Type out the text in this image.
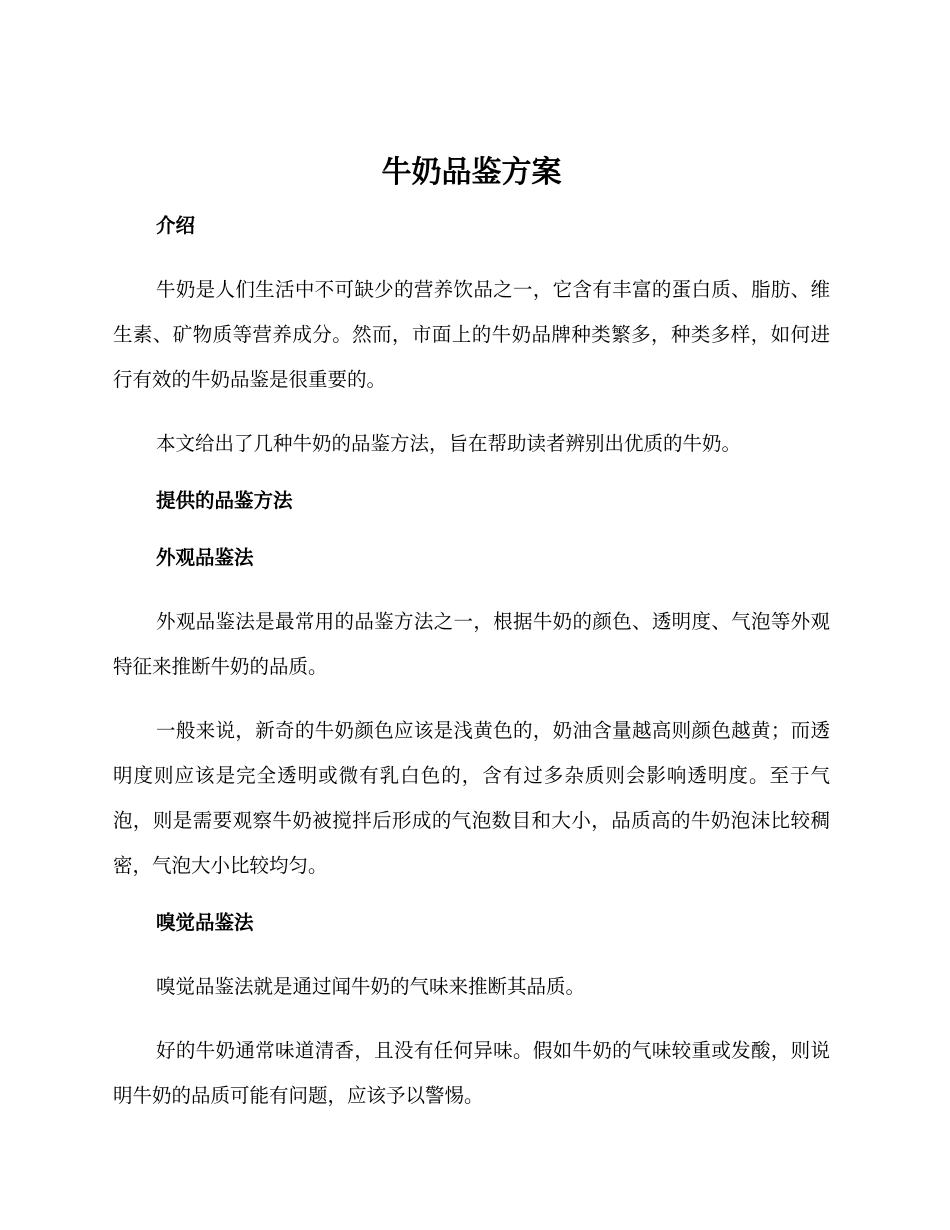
牛奶品鉴方案
介绍

牛奶是人们生活中不可缺少的营养饮品之一，它含有丰富的蛋白质、脂肪、维生素、矿物质等营养成分。然而，市面上的牛奶品牌种类繁多，种类多样，如何进行有效的牛奶品鉴是很重要的。

本文给出了几种牛奶的品鉴方法，旨在帮助读者辨别出优质的牛奶。

提供的品鉴方法
外观品鉴法

外观品鉴法是最常用的品鉴方法之一，根据牛奶的颜色、透明度、气泡等外观特征来推断牛奶的品质。

一般来说，新奇的牛奶颜色应该是浅黄色的，奶油含量越高则颜色越黄；而透明度则应该是完全透明或微有乳白色的，含有过多杂质则会影响透明度。至于气泡，则是需要观察牛奶被搅拌后形成的气泡数目和大小，品质高的牛奶泡沫比较稠密，气泡大小比较均匀。

嗅觉品鉴法

嗅觉品鉴法就是通过闻牛奶的气味来推断其品质。

好的牛奶通常味道清香，且没有任何异味。假如牛奶的气味较重或发酸，则说明牛奶的品质可能有问题，应该予以警惕。
